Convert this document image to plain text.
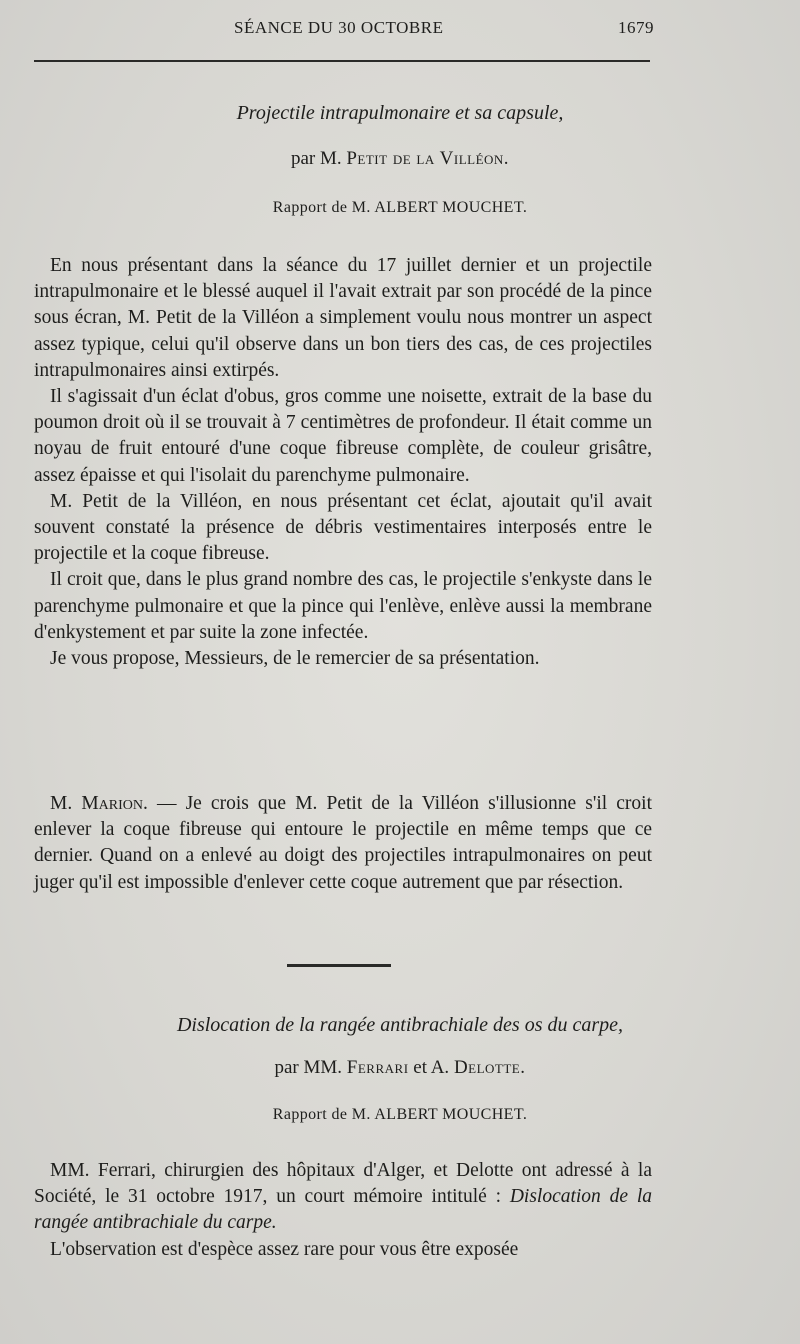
SÉANCE DU 30 OCTOBRE	1679
Projectile intrapulmonaire et sa capsule,
par M. Petit de la Villéon.
Rapport de M. ALBERT MOUCHET.

En nous présentant dans la séance du 17 juillet dernier et un projectile intrapulmonaire et le blessé auquel il l'avait extrait par son procédé de la pince sous écran, M. Petit de la Villéon a simplement voulu nous montrer un aspect assez typique, celui qu'il observe dans un bon tiers des cas, de ces projectiles intrapulmonaires ainsi extirpés.

Il s'agissait d'un éclat d'obus, gros comme une noisette, extrait de la base du poumon droit où il se trouvait à 7 centimètres de profondeur. Il était comme un noyau de fruit entouré d'une coque fibreuse complète, de couleur grisâtre, assez épaisse et qui l'isolait du parenchyme pulmonaire.

M. Petit de la Villéon, en nous présentant cet éclat, ajoutait qu'il avait souvent constaté la présence de débris vestimentaires interposés entre le projectile et la coque fibreuse.

Il croit que, dans le plus grand nombre des cas, le projectile s'enkyste dans le parenchyme pulmonaire et que la pince qui l'enlève, enlève aussi la membrane d'enkystement et par suite la zone infectée.

Je vous propose, Messieurs, de le remercier de sa présentation.

M. Marion. — Je crois que M. Petit de la Villéon s'illusionne s'il croit enlever la coque fibreuse qui entoure le projectile en même temps que ce dernier. Quand on a enlevé au doigt des projectiles intrapulmonaires on peut juger qu'il est impossible d'enlever cette coque autrement que par résection.

Dislocation de la rangée antibrachiale des os du carpe,
par MM. Ferrari et A. Delotte.
Rapport de M. ALBERT MOUCHET.

MM. Ferrari, chirurgien des hôpitaux d'Alger, et Delotte ont adressé à la Société, le 31 octobre 1917, un court mémoire intitulé : Dislocation de la rangée antibrachiale du carpe.

L'observation est d'espèce assez rare pour vous être exposée
